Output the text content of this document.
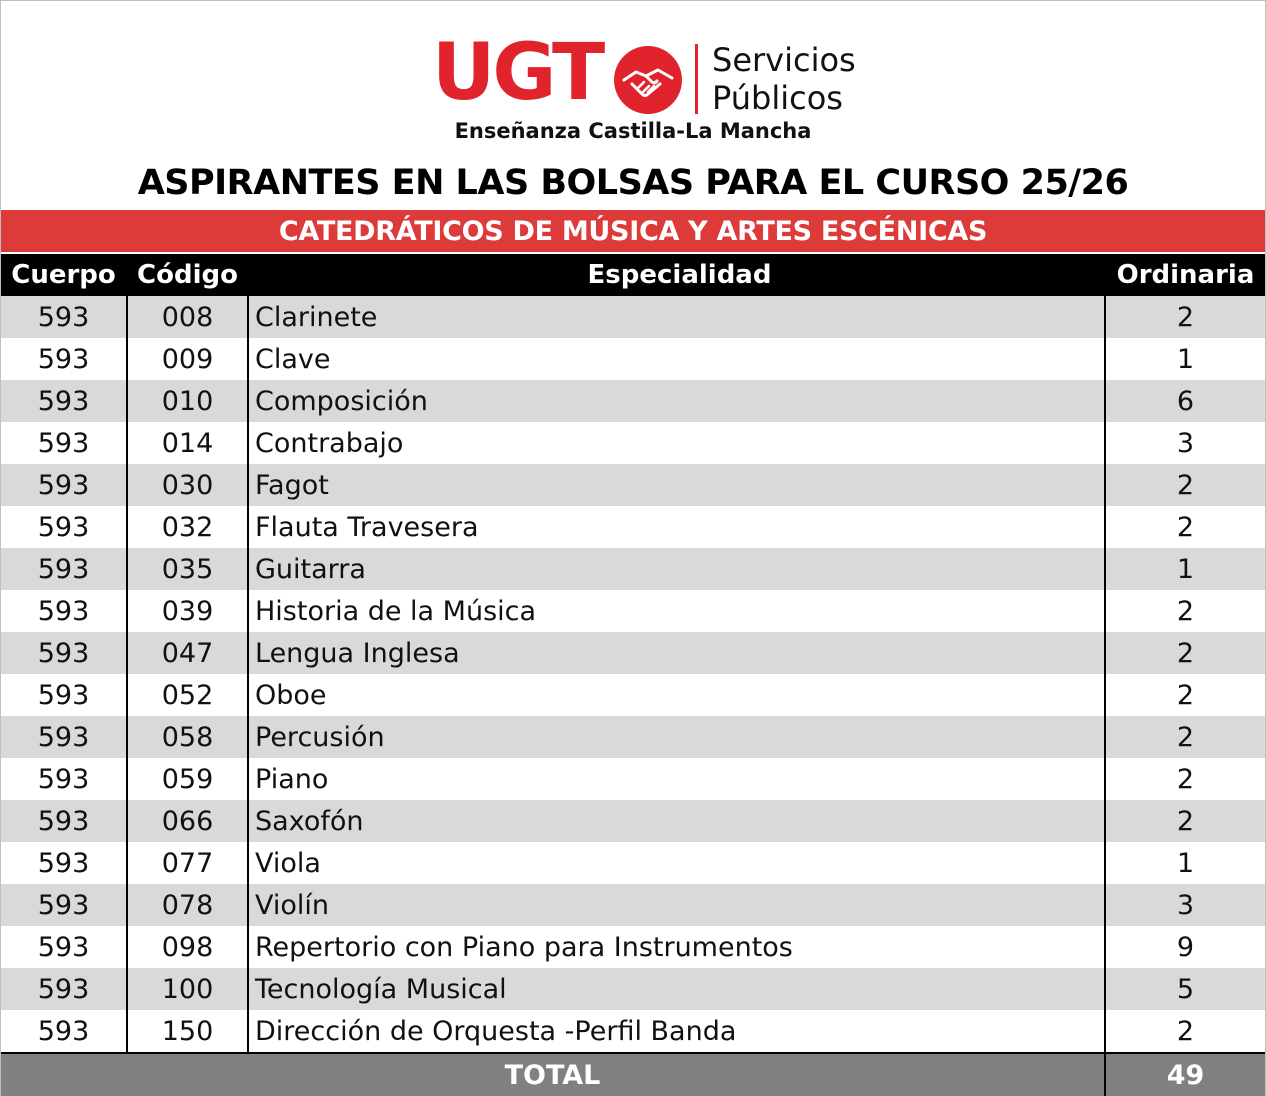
UGT	Servicios
Públicos
Enseñanza Castilla-La Mancha
ASPIRANTES EN LAS BOLSAS PARA EL CURSO 25/26
CATEDRÁTICOS DE MÚSICA Y ARTES ESCÉNICAS
Cuerpo	Código	Especialidad	Ordinaria
593	008	Clarinete	2
593	009	Clave	1
593	010	Composición	6
593	014	Contrabajo	3
593	030	Fagot	2
593	032	Flauta Travesera	2
593	035	Guitarra	1
593	039	Historia de la Música	2
593	047	Lengua Inglesa	2
593	052	Oboe	2
593	058	Percusión	2
593	059	Piano	2
593	066	Saxofón	2
593	077	Viola	1
593	078	Violín	3
593	098	Repertorio con Piano para Instrumentos	9
593	100	Tecnología Musical	5
593	150	Dirección de Orquesta -Perfil Banda	2
TOTAL			49
